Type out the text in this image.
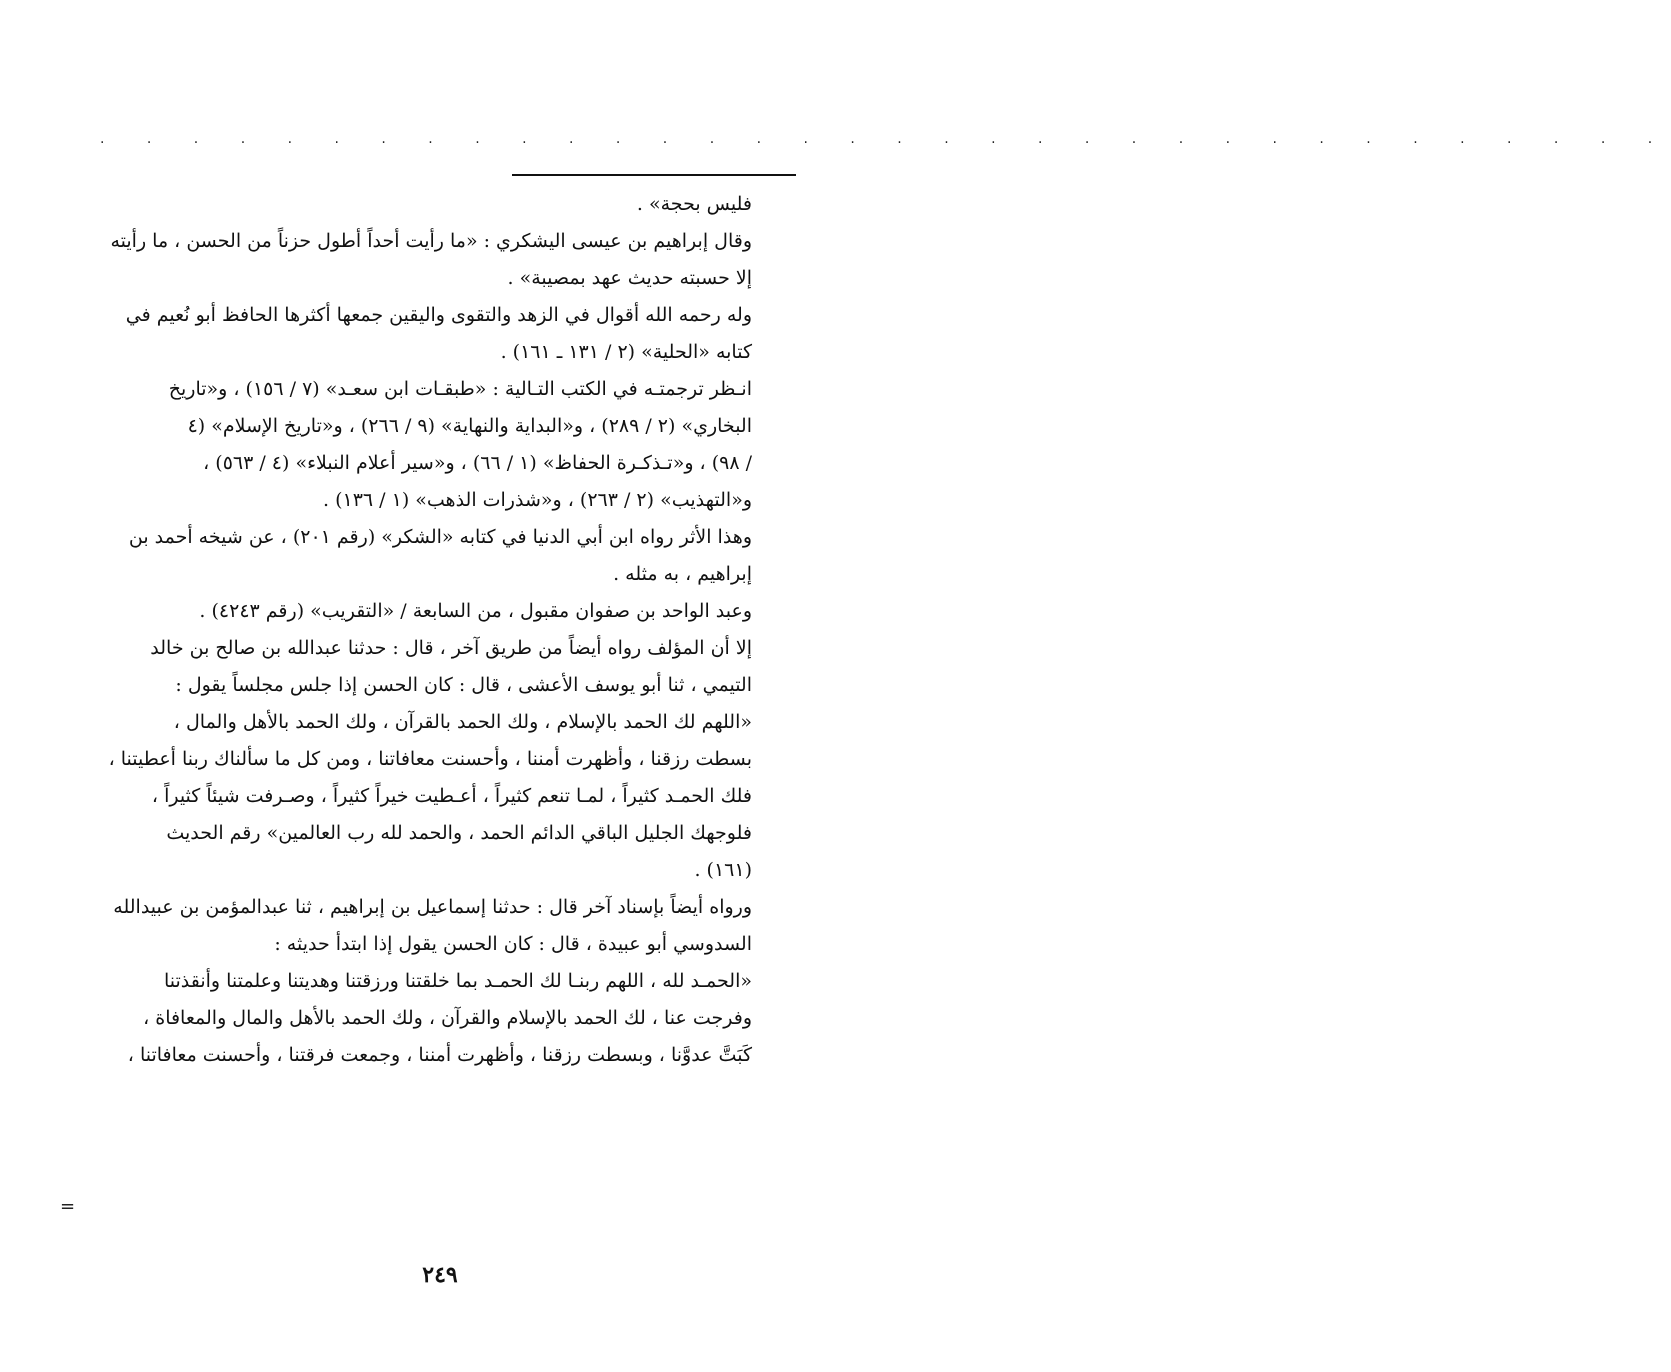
. . . . . . . . . . . . . . . . . . . . . . . . . . . . . . . . . .
فليس بحجة» .
وقال إبراهيم بن عيسى اليشكري : «ما رأيت أحداً أطول حزناً من الحسن ، ما رأيته
إلا حسبته حديث عهد بمصيبة» .
وله رحمه الله أقوال في الزهد والتقوى واليقين جمعها أكثرها الحافظ أبو نُعيم في
كتابه «الحلية» (٢ / ١٣١ ـ ١٦١) .
انـظر ترجمتـه في الكتب التـالية : «طبقـات ابن سعـد» (٧ / ١٥٦) ، و«تاريخ
البخاري» (٢ / ٢٨٩) ، و«البداية والنهاية» (٩ / ٢٦٦) ، و«تاريخ الإسلام» (٤
/ ٩٨) ، و«تـذكـرة الحفاظ» (١ / ٦٦) ، و«سير أعلام النبلاء» (٤ / ٥٦٣) ،
و«التهذيب» (٢ / ٢٦٣) ، و«شذرات الذهب» (١ / ١٣٦) .
وهذا الأثر رواه ابن أبي الدنيا في كتابه «الشكر» (رقم ٢٠١) ، عن شيخه أحمد بن
إبراهيم ، به مثله .
وعبد الواحد بن صفوان مقبول ، من السابعة / «التقريب» (رقم ٤٢٤٣) .
إلا أن المؤلف رواه أيضاً من طريق آخر ، قال : حدثنا عبدالله بن صالح بن خالد
التيمي ، ثنا أبو يوسف الأعشى ، قال : كان الحسن إذا جلس مجلساً يقول :
«اللهم لك الحمد بالإسلام ، ولك الحمد بالقرآن ، ولك الحمد بالأهل والمال ،
بسطت رزقنا ، وأظهرت أمننا ، وأحسنت معافاتنا ، ومن كل ما سألناك ربنا أعطيتنا ،
فلك الحمـد كثيراً ، لمـا تنعم كثيراً ، أعـطيت خيراً كثيراً ، وصـرفت شيئاً كثيراً ،
فلوجهك الجليل الباقي الدائم الحمد ، والحمد لله رب العالمين» رقم الحديث
(١٦١) .
ورواه أيضاً بإسناد آخر قال : حدثنا إسماعيل بن إبراهيم ، ثنا عبدالمؤمن بن عبيدالله
السدوسي أبو عبيدة ، قال : كان الحسن يقول إذا ابتدأ حديثه :
«الحمـد لله ، اللهم ربنـا لك الحمـد بما خلقتنا ورزقتنا وهديتنا وعلمتنا وأنقذتنا
وفرجت عنا ، لك الحمد بالإسلام والقرآن ، ولك الحمد بالأهل والمال والمعافاة ،
كَبَتَّ عدوَّنا ، وبسطت رزقنا ، وأظهرت أمننا ، وجمعت فرقتنا ، وأحسنت معافاتنا ،
=
٢٤٩
